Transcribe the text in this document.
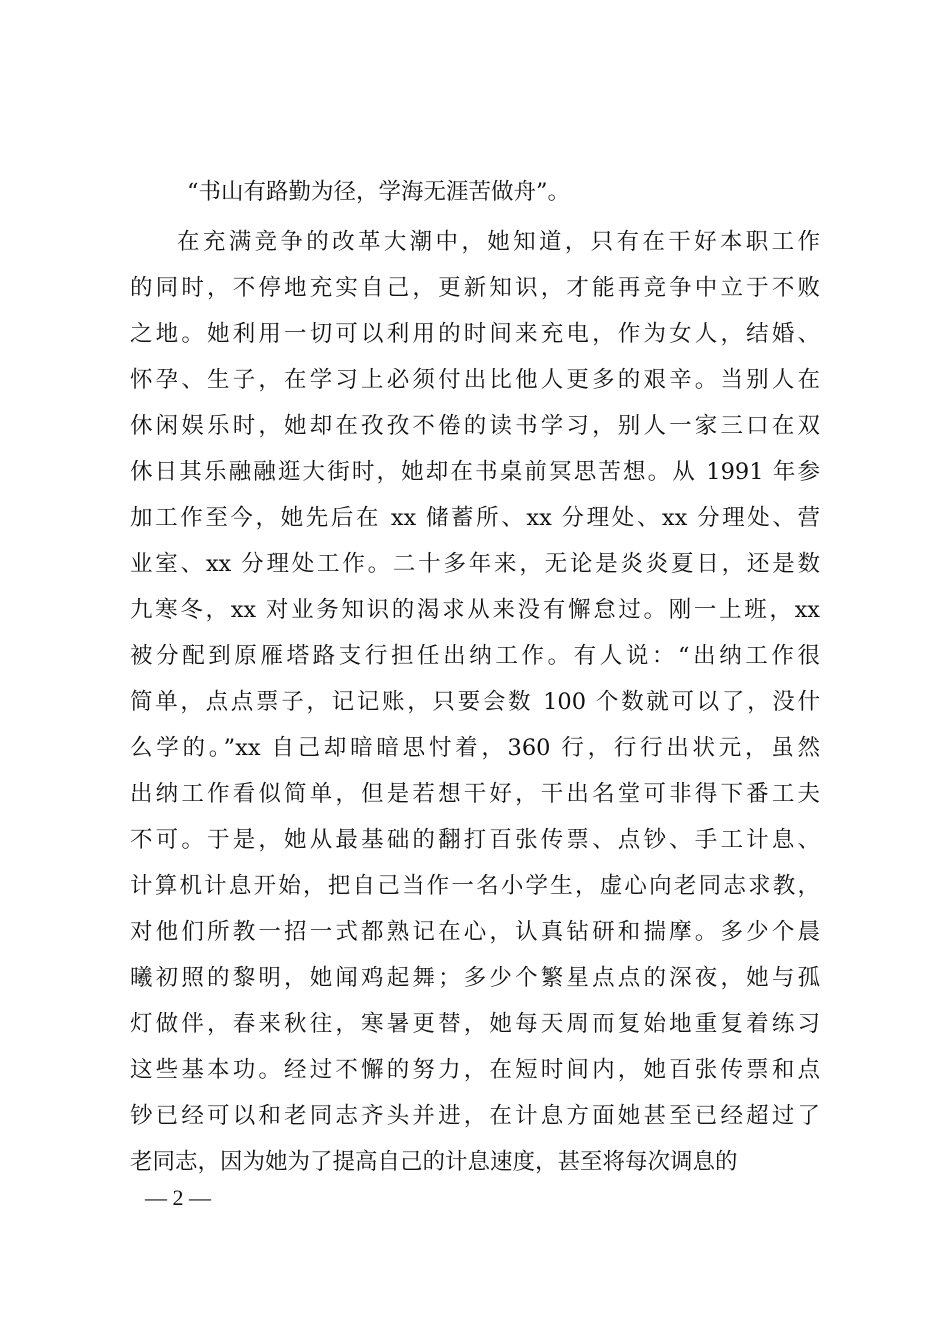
“书山有路勤为径，学海无涯苦做舟”。
在充满竞争的改革大潮中，她知道，只有在干好本职工作
的同时，不停地充实自己，更新知识，才能再竞争中立于不败
之地。她利用一切可以利用的时间来充电，作为女人，结婚、
怀孕、生子，在学习上必须付出比他人更多的艰辛。当别人在
休闲娱乐时，她却在孜孜不倦的读书学习，别人一家三口在双
休日其乐融融逛大街时，她却在书桌前冥思苦想。从 1991 年参
加工作至今，她先后在 xx 储蓄所、xx 分理处、xx 分理处、营
业室、xx 分理处工作。二十多年来，无论是炎炎夏日，还是数
九寒冬，xx 对业务知识的渴求从来没有懈怠过。刚一上班，xx
被分配到原雁塔路支行担任出纳工作。有人说：“出纳工作很
简单，点点票子，记记账，只要会数 100 个数就可以了，没什
么学的。”xx 自己却暗暗思忖着，360 行，行行出状元，虽然
出纳工作看似简单，但是若想干好，干出名堂可非得下番工夫
不可。于是，她从最基础的翻打百张传票、点钞、手工计息、
计算机计息开始，把自己当作一名小学生，虚心向老同志求教，
对他们所教一招一式都熟记在心，认真钻研和揣摩。多少个晨
曦初照的黎明，她闻鸡起舞；多少个繁星点点的深夜，她与孤
灯做伴，春来秋往，寒暑更替，她每天周而复始地重复着练习
这些基本功。经过不懈的努力，在短时间内，她百张传票和点
钞已经可以和老同志齐头并进，在计息方面她甚至已经超过了
老同志，因为她为了提高自己的计息速度，甚至将每次调息的
— 2 —
